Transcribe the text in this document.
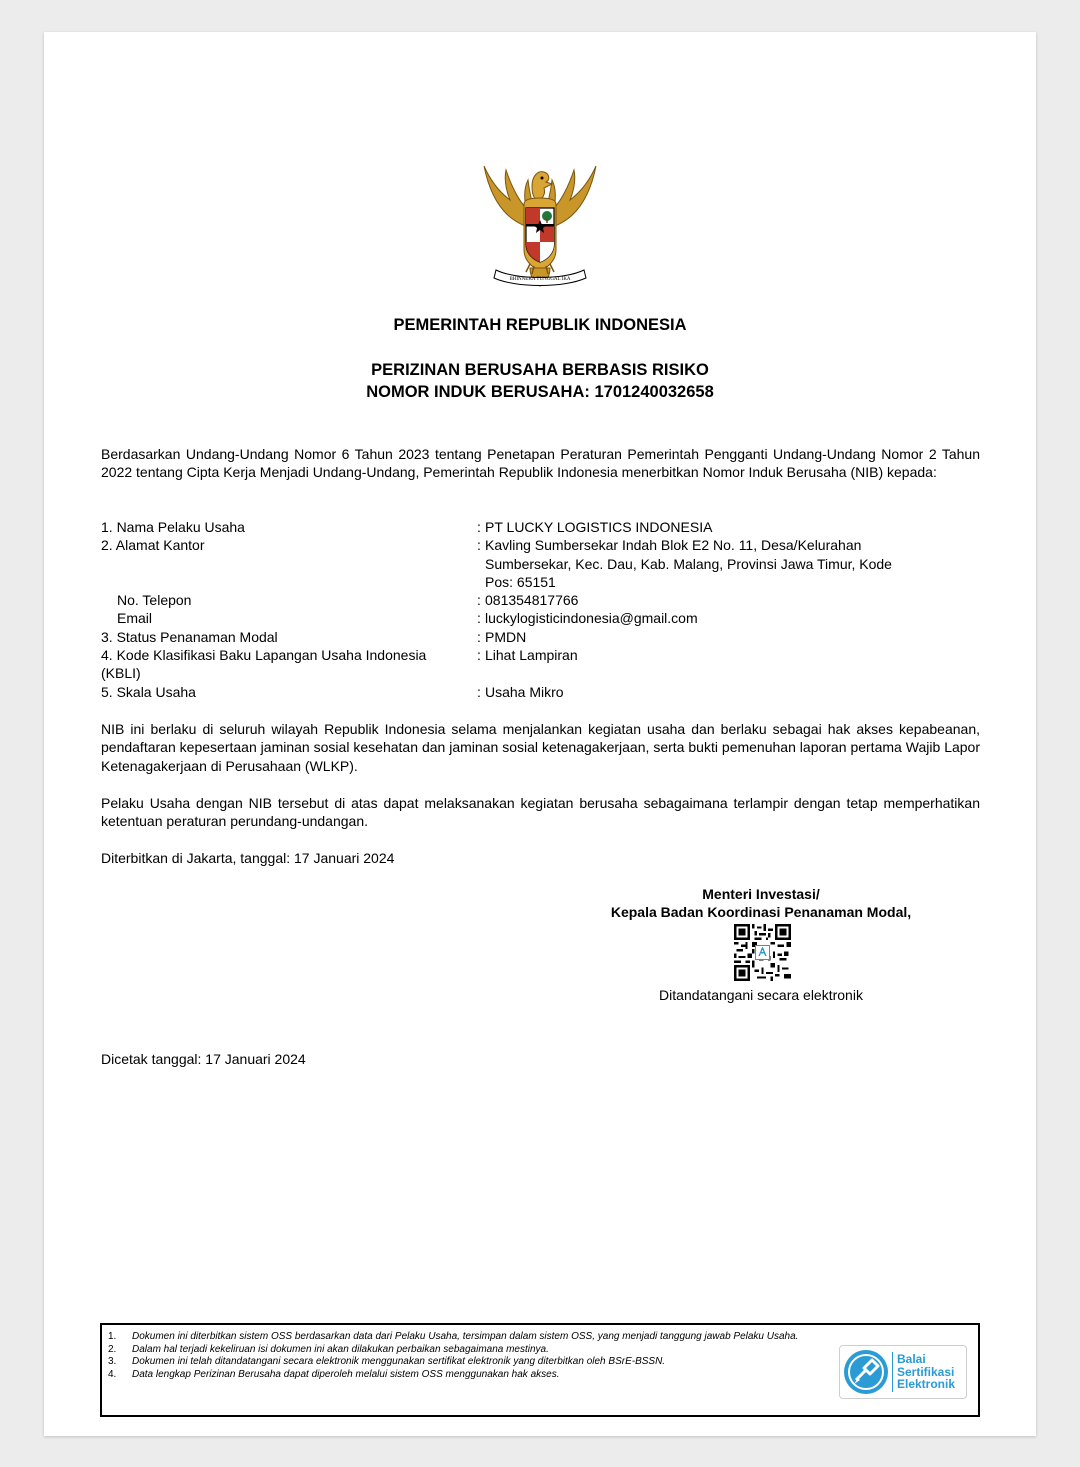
BHINNEKA TUNGGAL IKA
PEMERINTAH REPUBLIK INDONESIA
PERIZINAN BERUSAHA BERBASIS RISIKO
NOMOR INDUK BERUSAHA: 1701240032658
Berdasarkan Undang-Undang Nomor 6 Tahun 2023 tentang Penetapan Peraturan Pemerintah Pengganti Undang-Undang Nomor 2 Tahun 2022 tentang Cipta Kerja Menjadi Undang-Undang, Pemerintah Republik Indonesia menerbitkan Nomor Induk Berusaha (NIB) kepada:
1. Nama Pelaku Usaha	: PT LUCKY LOGISTICS INDONESIA
2. Alamat Kantor	: Kavling Sumbersekar Indah Blok E2 No. 11, Desa/Kelurahan Sumbersekar, Kec. Dau, Kab. Malang, Provinsi Jawa Timur, Kode Pos: 65151
No. Telepon	: 081354817766
Email	: luckylogisticindonesia@gmail.com
3. Status Penanaman Modal	: PMDN
4. Kode Klasifikasi Baku Lapangan Usaha Indonesia (KBLI)
: Lihat Lampiran
5. Skala Usaha	: Usaha Mikro
NIB ini berlaku di seluruh wilayah Republik Indonesia selama menjalankan kegiatan usaha dan berlaku sebagai hak akses kepabeanan, pendaftaran kepesertaan jaminan sosial kesehatan dan jaminan sosial ketenagakerjaan, serta bukti pemenuhan laporan pertama Wajib Lapor Ketenagakerjaan di Perusahaan (WLKP).
Pelaku Usaha dengan NIB tersebut di atas dapat melaksanakan kegiatan berusaha sebagaimana terlampir dengan tetap memperhatikan ketentuan peraturan perundang-undangan.
Diterbitkan di Jakarta, tanggal: 17 Januari 2024
Menteri Investasi/
Kepala Badan Koordinasi Penanaman Modal,
Ditandatangani secara elektronik
Dicetak tanggal: 17 Januari 2024
1.	Dokumen ini diterbitkan sistem OSS berdasarkan data dari Pelaku Usaha, tersimpan dalam sistem OSS, yang menjadi tanggung jawab Pelaku Usaha.
2.	Dalam hal terjadi kekeliruan isi dokumen ini akan dilakukan perbaikan sebagaimana mestinya.
3.	Dokumen ini telah ditandatangani secara elektronik menggunakan sertifikat elektronik yang diterbitkan oleh BSrE-BSSN.
4.	Data lengkap Perizinan Berusaha dapat diperoleh melalui sistem OSS menggunakan hak akses.
Balai
Sertifikasi
Elektronik
